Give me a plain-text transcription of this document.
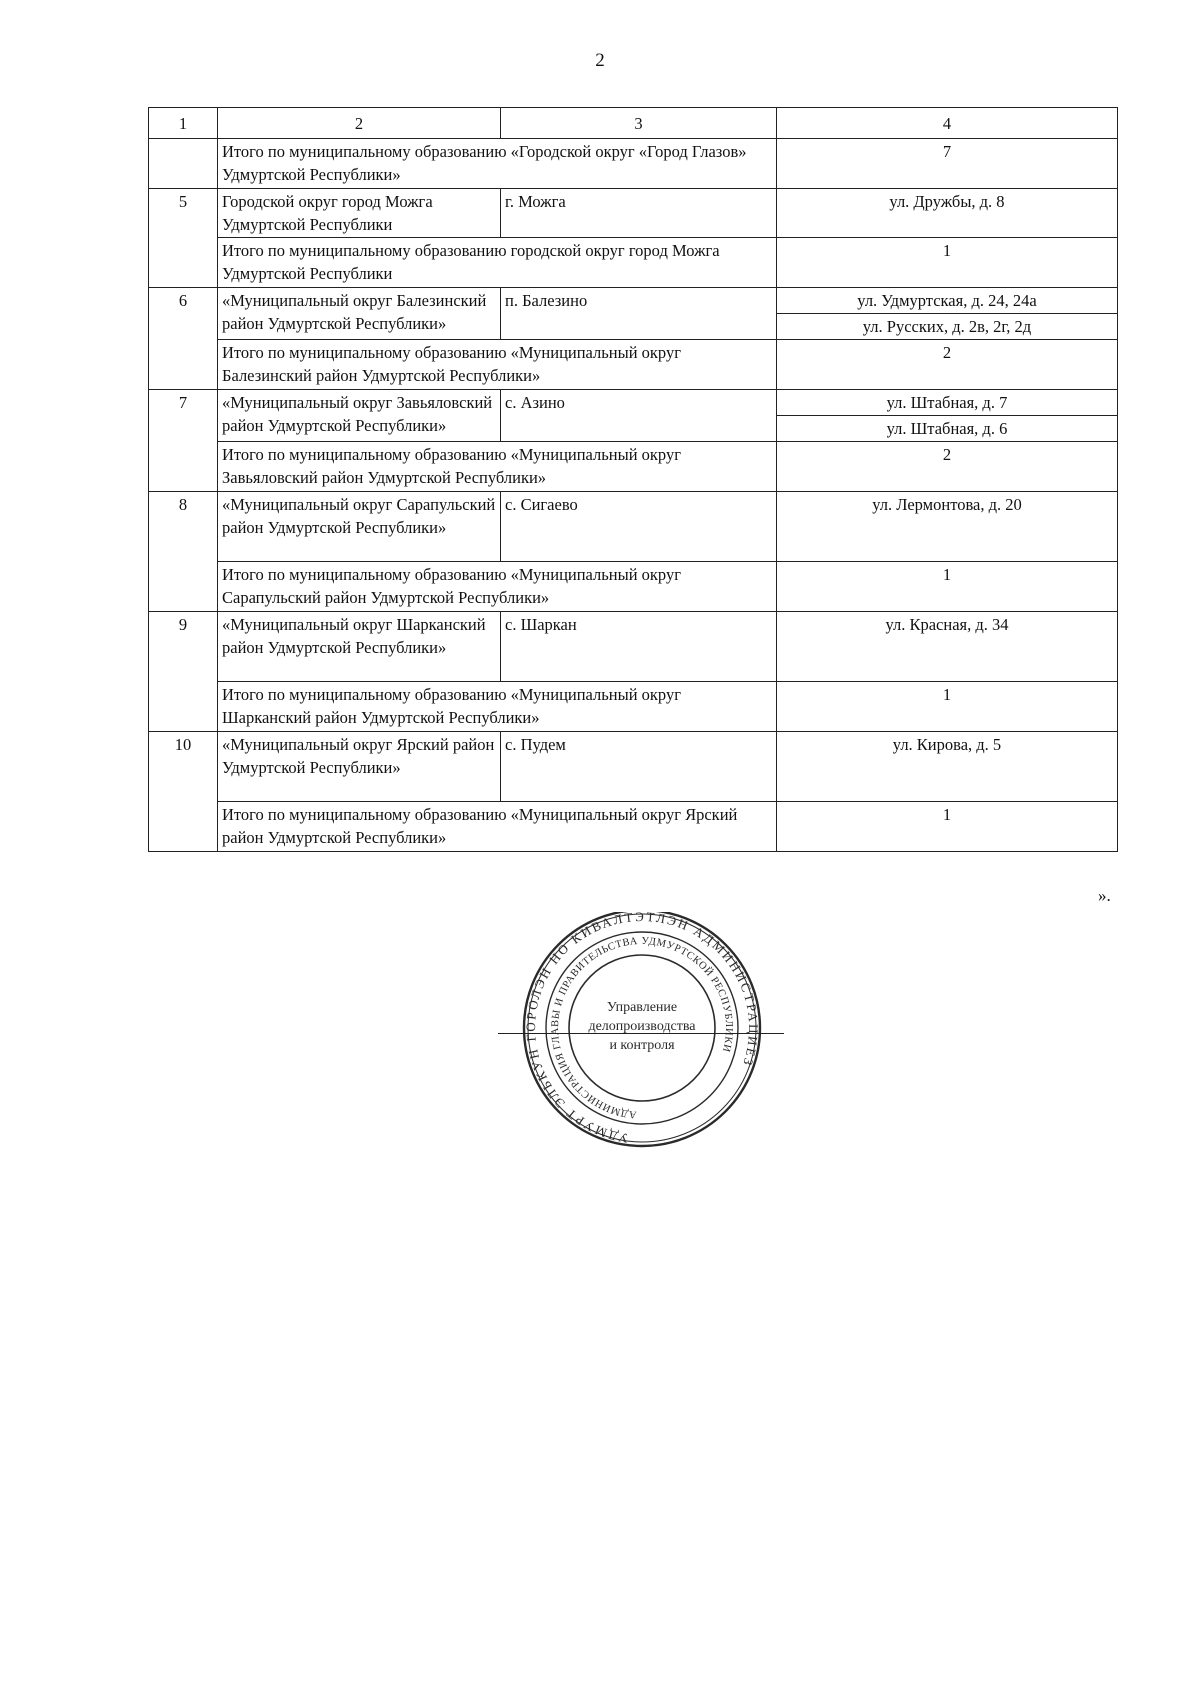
2
1	2	3	4
	Итого по муниципальному образованию «Городской округ «Город Глазов» Удмуртской Республики»		7
5	Городской округ город Можга Удмуртской Республики	г. Можга	ул. Дружбы, д. 8
	Итого по муниципальному образованию городской округ город Можга Удмуртской Республики		1
6	«Муниципальный округ Балезинский район Удмуртской Республики»	п. Балезино	ул. Удмуртская, д. 24, 24а
			ул. Русских, д. 2в, 2г, 2д
	Итого по муниципальному образованию «Муниципальный округ Балезинский район Удмуртской Республики»		2
7	«Муниципальный округ Завьяловский район Удмуртской Республики»	с. Азино	ул. Штабная, д. 7
			ул. Штабная, д. 6
	Итого по муниципальному образованию «Муниципальный округ Завьяловский район Удмуртской Республики»		2
8	«Муниципальный округ Сарапульский район Удмуртской Республики»	с. Сигаево	ул. Лермонтова, д. 20
	Итого по муниципальному образованию «Муниципальный округ Сарапульский район Удмуртской Республики»		1
9	«Муниципальный округ Шарканский район Удмуртской Республики»	с. Шаркан	ул. Красная, д. 34
	Итого по муниципальному образованию «Муниципальный округ Шарканский район Удмуртской Республики»		1
10	«Муниципальный округ Ярский район Удмуртской Республики»	с. Пудем	ул. Кирова, д. 5
	Итого по муниципальному образованию «Муниципальный округ Ярский район Удмуртской Республики»		1
».
УДМУРТ ЭЛЬКУН ГОРОЛЭН НО КИВАЛТЭТЛЭН АДМИНИСТРАЦИЕЗ
АДМИНИСТРАЦИЯ ГЛАВЫ И ПРАВИТЕЛЬСТВА УДМУРТСКОЙ РЕСПУБЛИКИ
Управление
делопроизводства
и контроля
